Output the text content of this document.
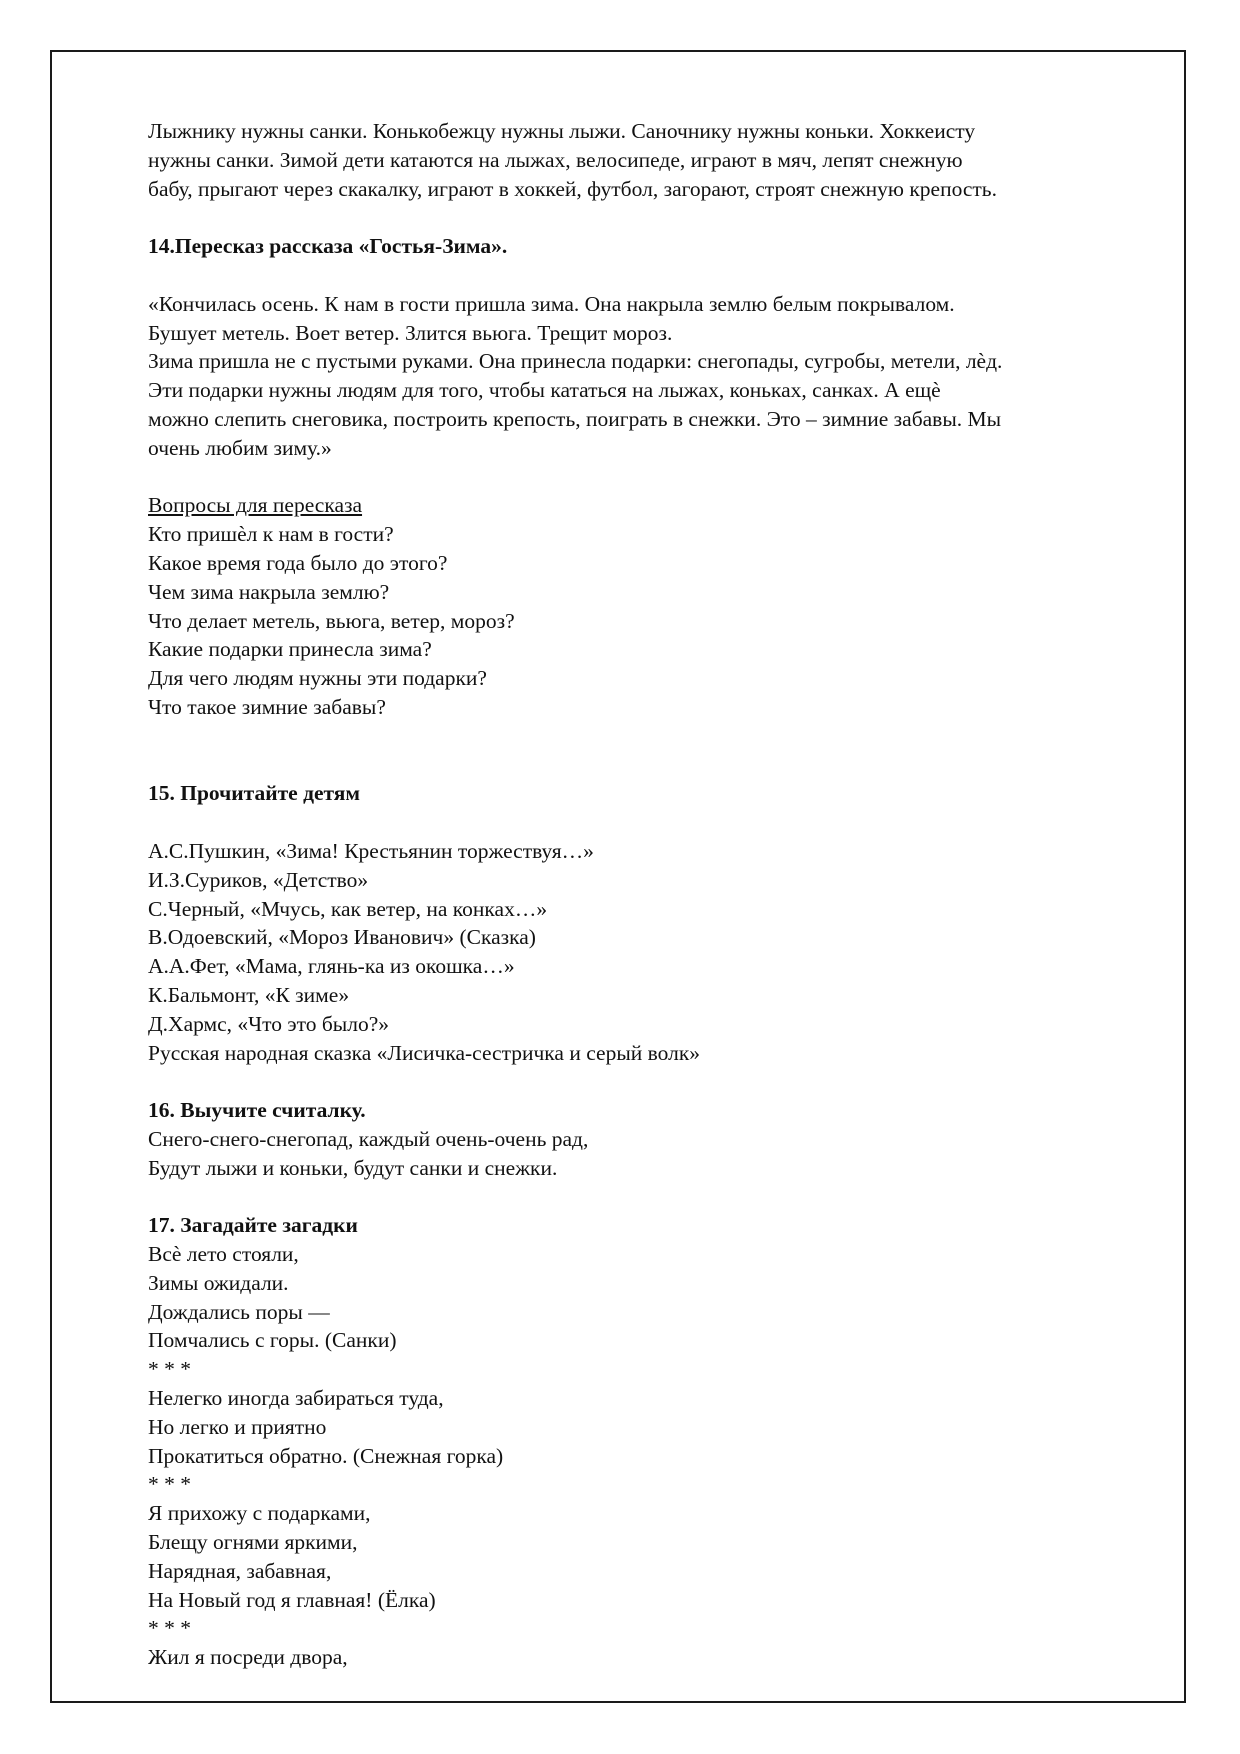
Лыжнику нужны санки. Конькобежцу нужны лыжи. Саночнику нужны коньки. Хоккеисту
нужны санки. Зимой дети катаются на лыжах, велосипеде, играют в мяч, лепят снежную
бабу, прыгают через скакалку, играют в хоккей, футбол, загорают, строят снежную крепость.

14.Пересказ рассказа «Гостья-Зима».

«Кончилась осень. К нам в гости пришла зима. Она накрыла землю белым покрывалом.
Бушует метель. Воет ветер. Злится вьюга. Трещит мороз.
Зима пришла не с пустыми руками. Она принесла подарки: снегопады, сугробы, метели, лѐд.
Эти подарки нужны людям для того, чтобы кататься на лыжах, коньках, санках. А ещѐ
можно слепить снеговика, построить крепость, поиграть в снежки. Это – зимние забавы. Мы
очень любим зиму.»
Вопросы для пересказа
Кто пришѐл к нам в гости?
Какое время года было до этого?
Чем зима накрыла землю?
Что делает метель, вьюга, ветер, мороз?
Какие подарки принесла зима?
Для чего людям нужны эти подарки?
Что такое зимние забавы?

15. Прочитайте детям

А.С.Пушкин, «Зима! Крестьянин торжествуя…»
И.З.Суриков, «Детство»
С.Черный, «Мчусь, как ветер, на конках…»
В.Одоевский, «Мороз Иванович» (Сказка)
А.А.Фет, «Мама, глянь-ка из окошка…»
К.Бальмонт, «К зиме»
Д.Хармс, «Что это было?»
Русская народная сказка «Лисичка-сестричка и серый волк»

16. Выучите считалку.

Снего-снего-снегопад, каждый очень-очень рад,
Будут лыжи и коньки, будут санки и снежки.

17. Загадайте загадки

Всѐ лето стояли,
Зимы ожидали.
Дождались поры —
Помчались с горы. (Санки)
* * *
Нелегко иногда забираться туда,
Но легко и приятно
Прокатиться обратно. (Снежная горка)
* * *
Я прихожу с подарками,
Блещу огнями яркими,
Нарядная, забавная,
На Новый год я главная! (Ёлка)
* * *
Жил я посреди двора,
